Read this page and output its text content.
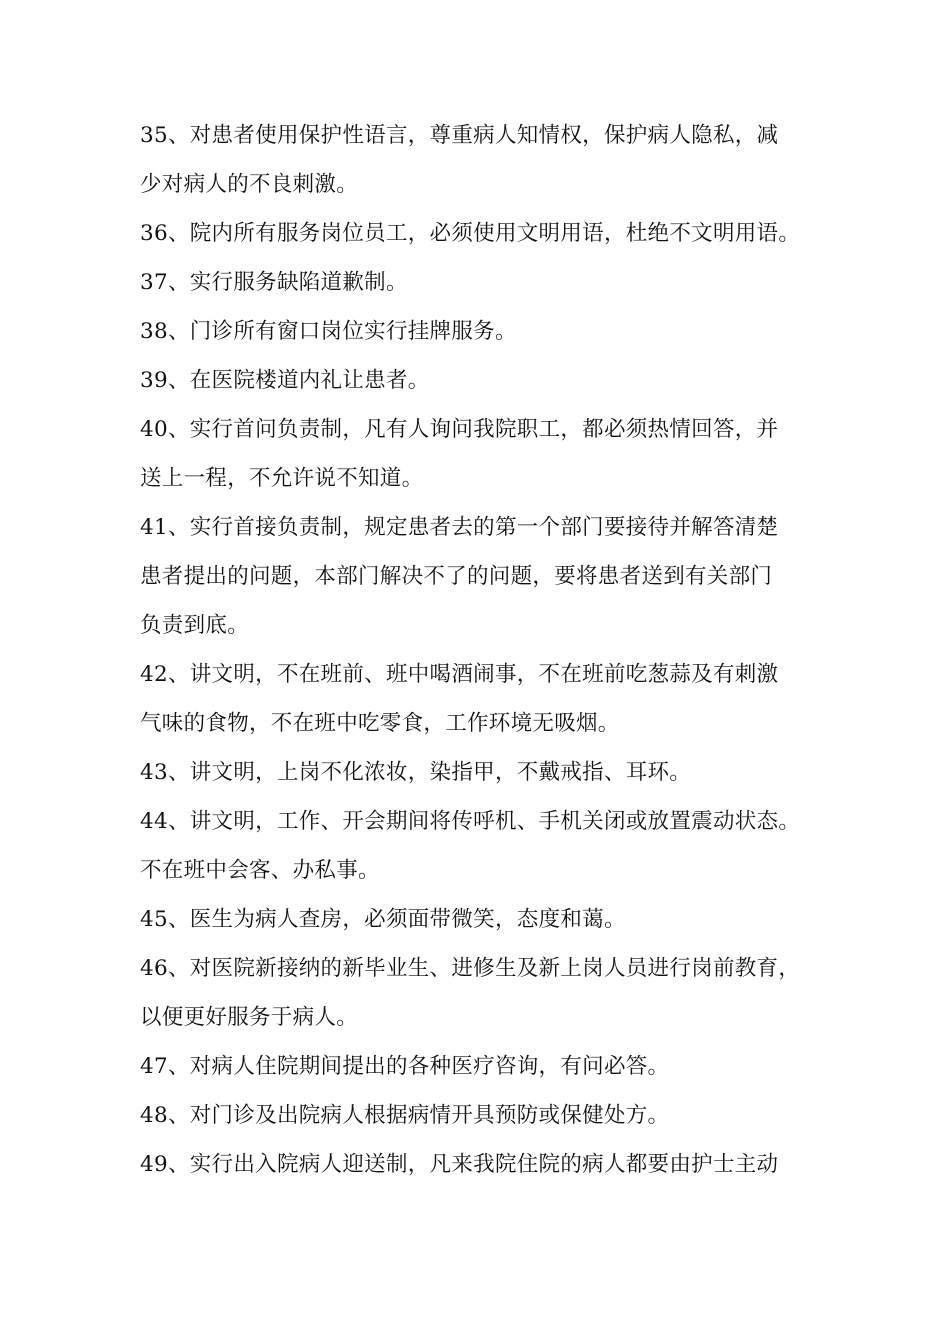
35、对患者使用保护性语言，尊重病人知情权，保护病人隐私，减
少对病人的不良刺激。
36、院内所有服务岗位员工，必须使用文明用语，杜绝不文明用语。
37、实行服务缺陷道歉制。
38、门诊所有窗口岗位实行挂牌服务。
39、在医院楼道内礼让患者。
40、实行首问负责制，凡有人询问我院职工，都必须热情回答，并
送上一程，不允许说不知道。
41、实行首接负责制，规定患者去的第一个部门要接待并解答清楚
患者提出的问题，本部门解决不了的问题，要将患者送到有关部门
负责到底。
42、讲文明，不在班前、班中喝酒闹事，不在班前吃葱蒜及有刺激
气味的食物，不在班中吃零食，工作环境无吸烟。
43、讲文明，上岗不化浓妆，染指甲，不戴戒指、耳环。
44、讲文明，工作、开会期间将传呼机、手机关闭或放置震动状态。
不在班中会客、办私事。
45、医生为病人查房，必须面带微笑，态度和蔼。
46、对医院新接纳的新毕业生、进修生及新上岗人员进行岗前教育，
以便更好服务于病人。
47、对病人住院期间提出的各种医疗咨询，有问必答。
48、对门诊及出院病人根据病情开具预防或保健处方。
49、实行出入院病人迎送制，凡来我院住院的病人都要由护士主动
